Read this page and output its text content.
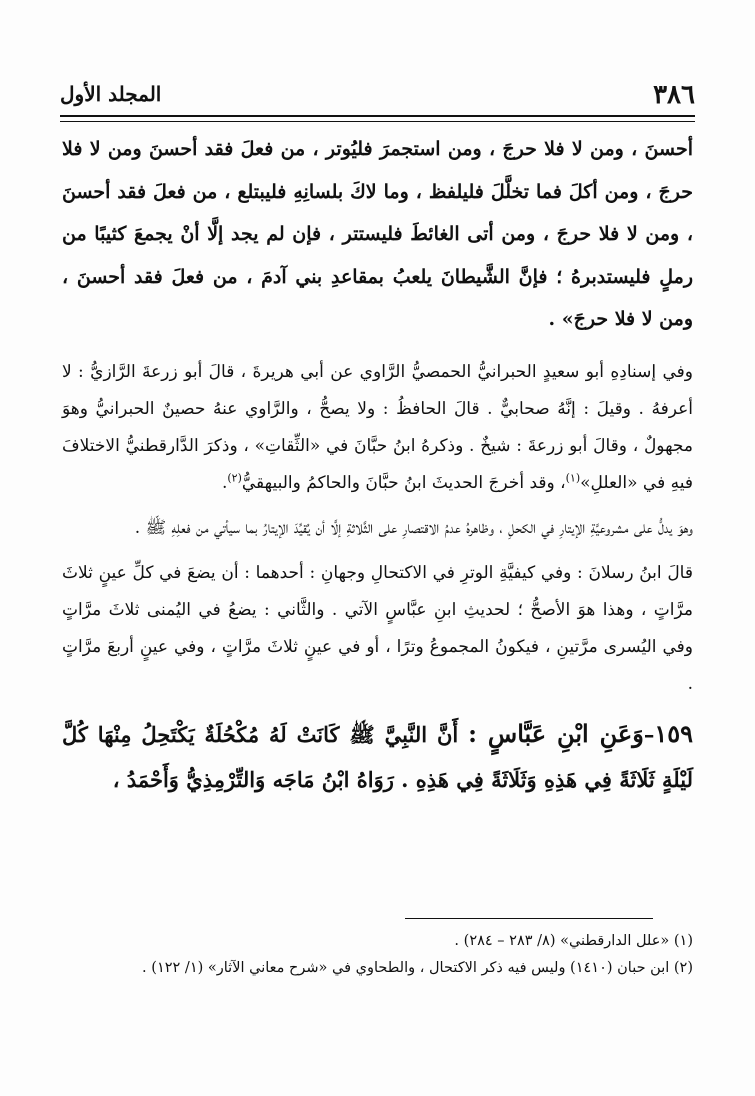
٣٨٦
المجلد الأول

أحسنَ ، ومن لا فلا حرجَ ، ومن استجمرَ فليُوتر ، من فعلَ فقد أحسنَ ومن لا فلا حرجَ ، ومن أكلَ فما تخلَّلَ فليلفظ ، وما لاكَ بلسانِهِ فليبتلع ، من فعلَ فقد أحسنَ ، ومن لا فلا حرجَ ، ومن أتى الغائطَ فليستتر ، فإن لم يجد إلَّا أنْ يجمعَ كثيبًا من رملٍ فليستدبرهُ ؛ فإنَّ الشَّيطانَ يلعبُ بمقاعدِ بني آدمَ ، من فعلَ فقد أحسنَ ، ومن لا فلا حرجَ» .

وفي إسنادِهِ أبو سعيدٍ الحبرانيُّ الحمصيُّ الرَّاوي عن أبي هريرةَ ، قالَ أبو زرعةَ الرَّازيُّ : لا أعرفهُ . وقيلَ : إنَّهُ صحابيٌّ . قالَ الحافظُ : ولا يصحُّ ، والرَّاوي عنهُ حصينٌ الحبرانيُّ وهوَ مجهولٌ ، وقالَ أبو زرعةَ : شيخٌ . وذكرهُ ابنُ حبَّانَ في «الثِّقاتِ» ، وذكرَ الدَّارقطنيُّ الاختلافَ فيهِ في «العللِ»$^{(١)}$، وقد أخرجَ الحديثَ ابنُ حبَّانَ والحاكمُ والبيهقيُّ$^{(٢)}$.

وهوَ يدلُّ على مشروعيَّةِ الإيتارِ في الكحلِ ، وظاهرهُ عدمُ الاقتصارِ على الثَّلاثةِ إلَّا أن يُقيِّدَ الإيتارُ بما سيأتي من فعلِهِ ﷺ .

قالَ ابنُ رسلانَ : وفي كيفيَّةِ الوترِ في الاكتحالِ وجهانِ : أحدهما : أن يضعَ في كلِّ عينٍ ثلاثَ مرَّاتٍ ، وهذا هوَ الأصحُّ ؛ لحديثِ ابنِ عبَّاسٍ الآتي . والثَّاني : يضعُ في اليُمنى ثلاثَ مرَّاتٍ وفي اليُسرى مرَّتينِ ، فيكونُ المجموعُ وترًا ، أو في عينٍ ثلاثَ مرَّاتٍ ، وفي عينٍ أربعَ مرَّاتٍ .

١٥٩–وَعَنِ ابْنِ عَبَّاسٍ : أَنَّ النَّبِيَّ ﷺ كَانَتْ لَهُ مُكْحُلَةٌ يَكْتَحِلُ مِنْهَا كُلَّ لَيْلَةٍ ثَلَاثَةً فِي هَذِهِ وَثَلَاثَةً فِي هَذِهِ . رَوَاهُ ابْنُ مَاجَه وَالتِّرْمِذِيُّ وَأَحْمَدُ ،

(١) «علل الدارقطني» (٨/ ٢٨٣ – ٢٨٤) .

(٢) ابن حبان (١٤١٠) وليس فيه ذكر الاكتحال ، والطحاوي في «شرح معاني الآثار» (١/ ١٢٢) .
